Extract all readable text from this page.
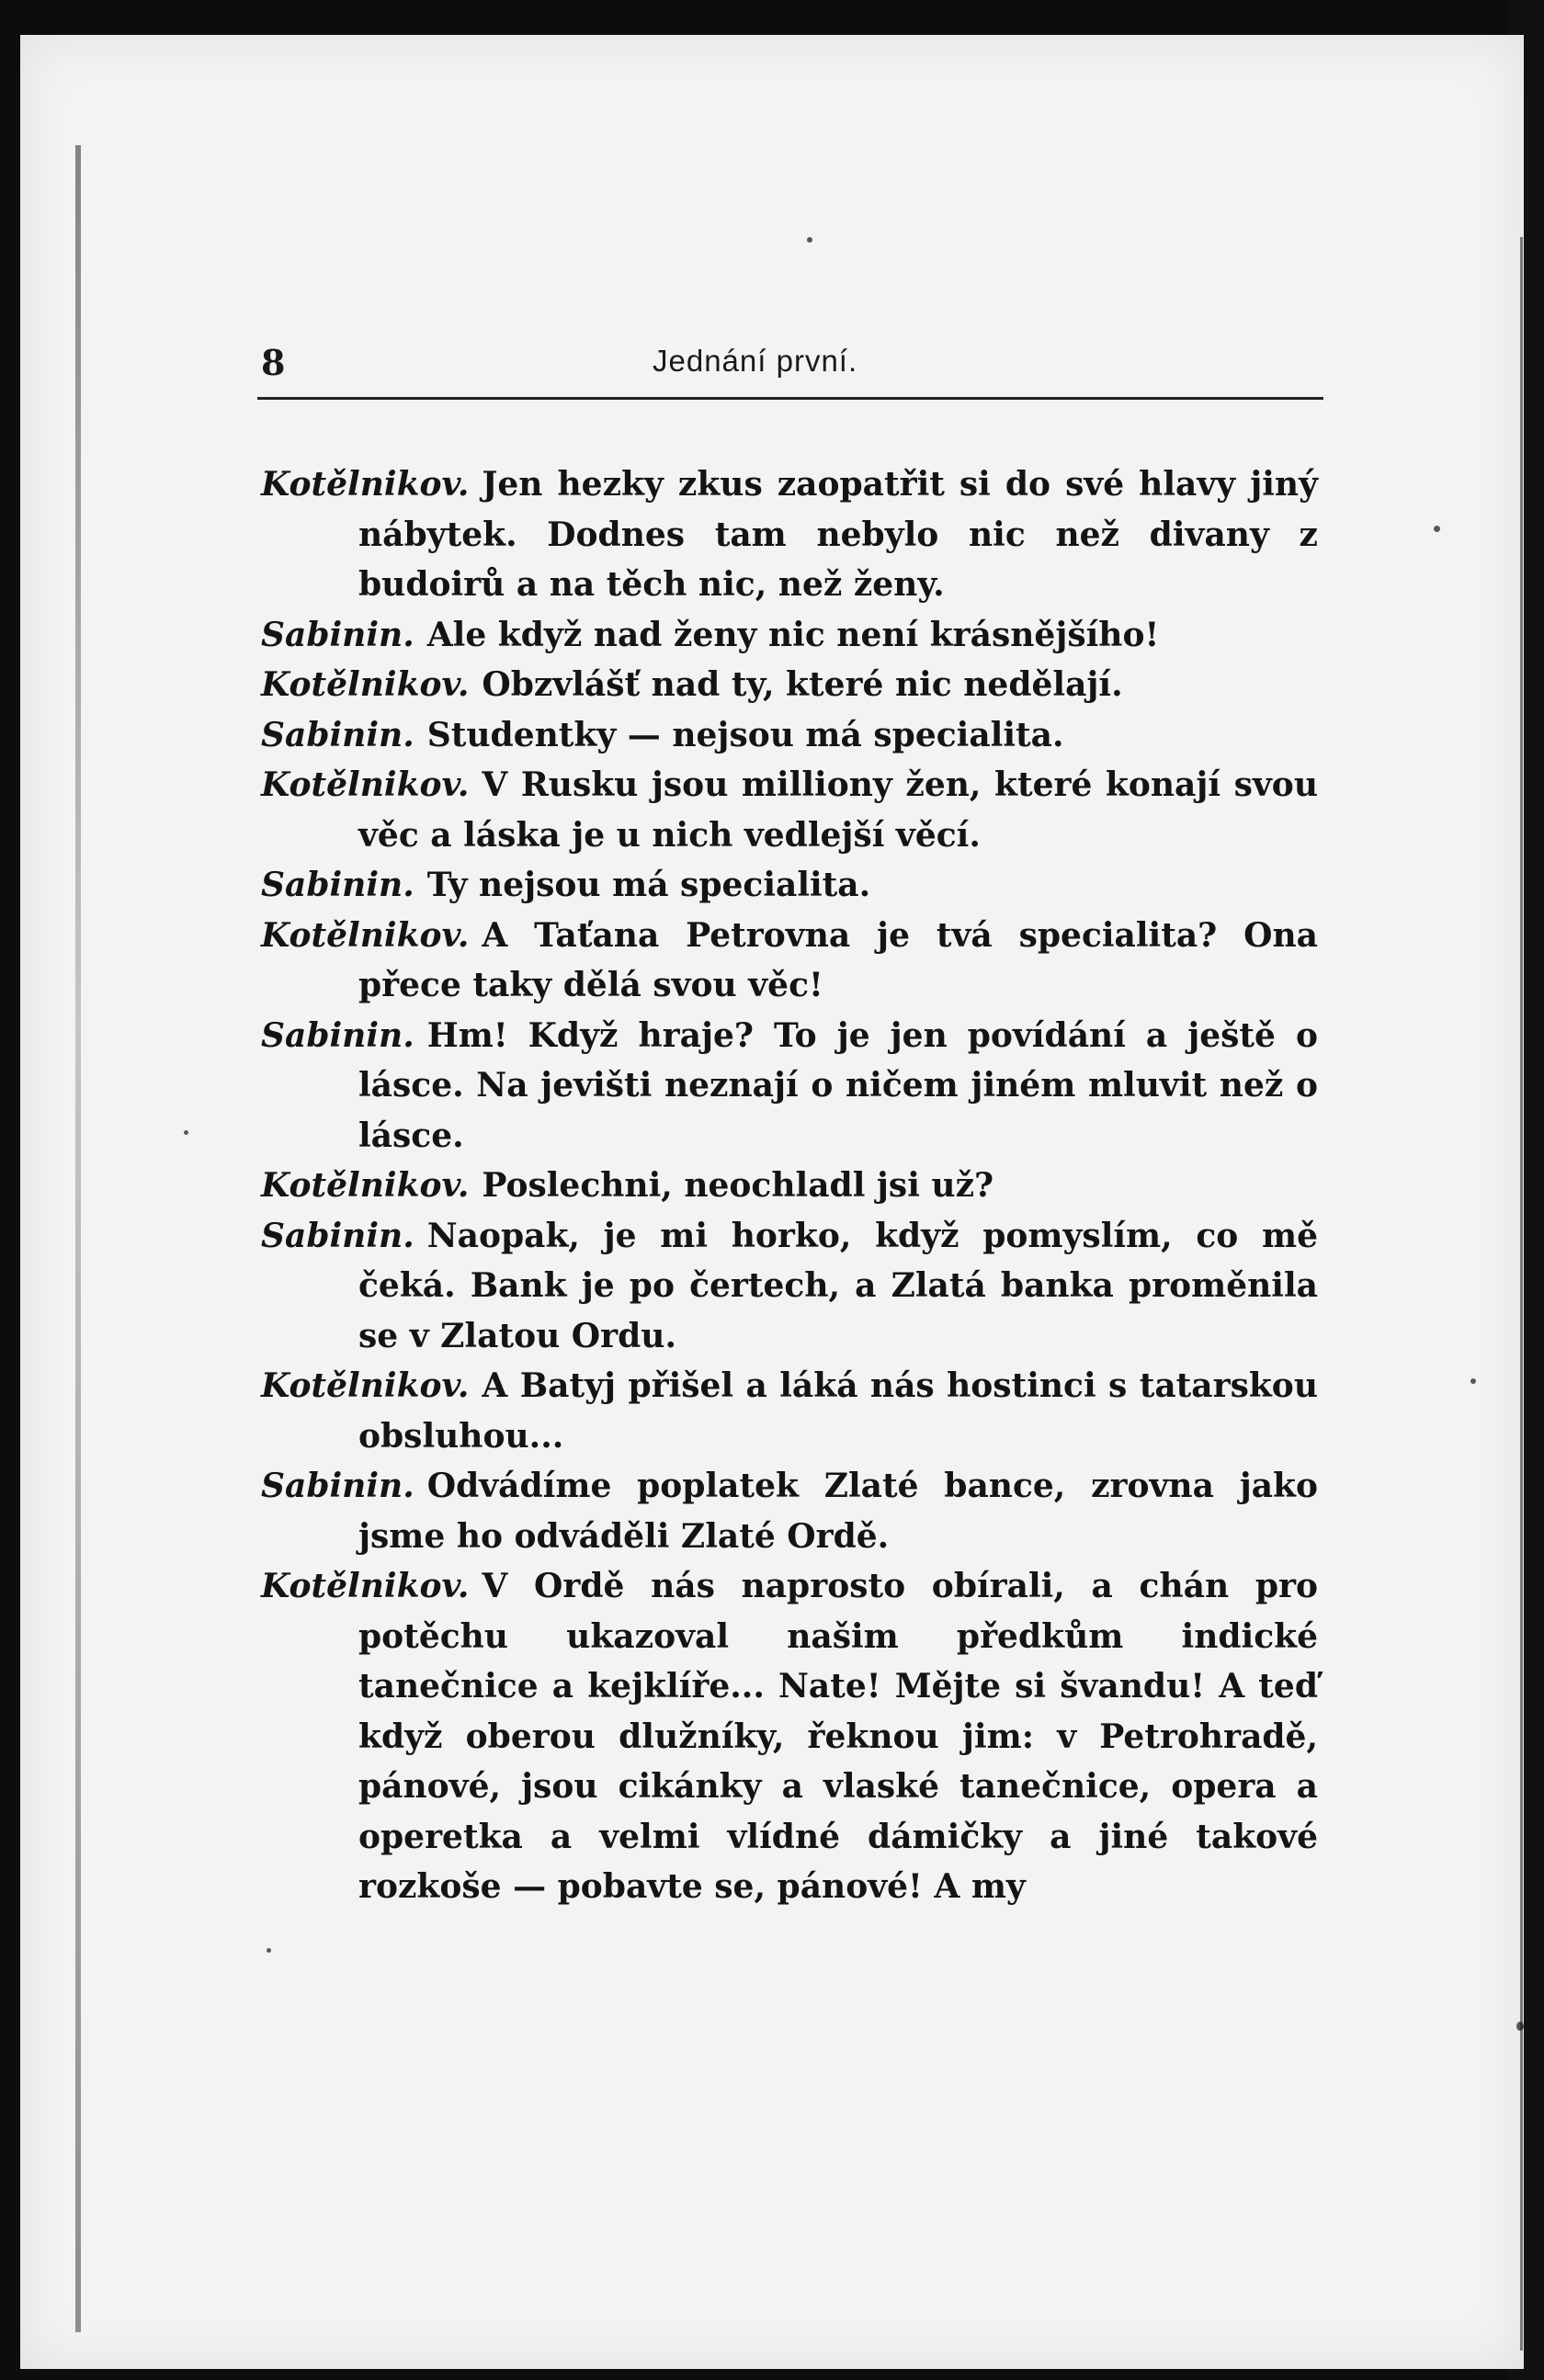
8	Jednání první.

Kotělnikov. Jen hezky zkus zaopatřit si do své hlavy jiný nábytek. Dodnes tam nebylo nic než divany z budoirů a na těch nic, než ženy.

Sabinin. Ale když nad ženy nic není krásnějšího!

Kotělnikov. Obzvlášť nad ty, které nic nedělají.

Sabinin. Studentky — nejsou má specialita.

Kotělnikov. V Rusku jsou milliony žen, které konají svou věc a láska je u nich vedlejší věcí.

Sabinin. Ty nejsou má specialita.

Kotělnikov. A Taťana Petrovna je tvá specialita? Ona přece taky dělá svou věc!

Sabinin. Hm! Když hraje? To je jen povídání a ještě o lásce. Na jevišti neznají o ničem jiném mluvit než o lásce.

Kotělnikov. Poslechni, neochladl jsi už?

Sabinin. Naopak, je mi horko, když pomyslím, co mě čeká. Bank je po čertech, a Zlatá banka proměnila se v Zlatou Ordu.

Kotělnikov. A Batyj přišel a láká nás hostinci s tatarskou obsluhou...

Sabinin. Odvádíme poplatek Zlaté bance, zrovna jako jsme ho odváděli Zlaté Ordě.

Kotělnikov. V Ordě nás naprosto obírali, a chán pro potěchu ukazoval našim předkům indické tanečnice a kejklíře... Nate! Mějte si švandu! A teď když oberou dlužníky, řeknou jim: v Petrohradě, pánové, jsou cikánky a vlaské tanečnice, opera a operetka a velmi vlídné dámičky a jiné takové rozkoše — pobavte se, pánové! A my
